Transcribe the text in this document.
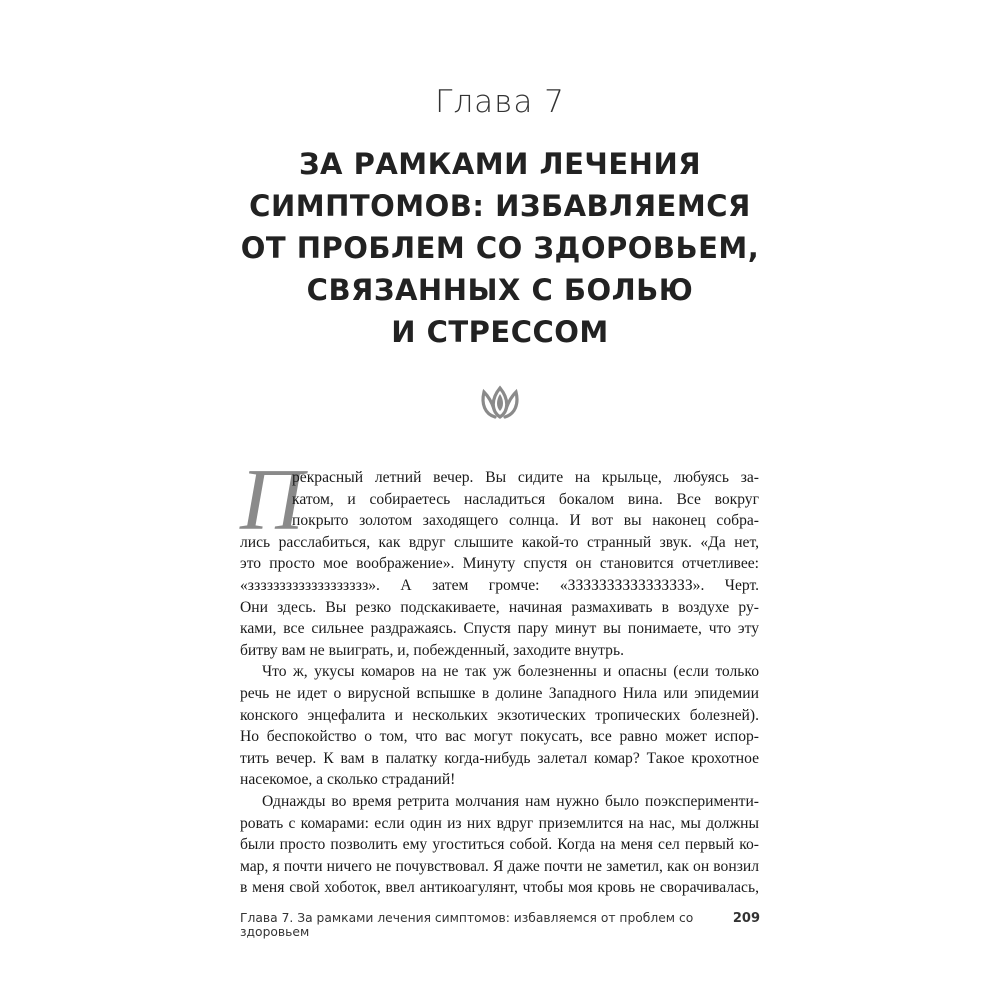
Глава 7
ЗА РАМКАМИ ЛЕЧЕНИЯ
СИМПТОМОВ: ИЗБАВЛЯЕМСЯ
ОТ ПРОБЛЕМ СО ЗДОРОВЬЕМ,
СВЯЗАННЫХ С БОЛЬЮ
И СТРЕССОМ
П
рекрасный летний вечер. Вы сидите на крыльце, любуясь за-
катом, и собираетесь насладиться бокалом вина. Все вокруг
покрыто золотом заходящего солнца. И вот вы наконец собра-
лись расслабиться, как вдруг слышите какой-то странный звук. «Да нет,
это просто мое воображение». Минуту спустя он становится отчетливее:
«ззззззззззззззззззз». А затем громче: «ЗЗЗЗЗЗЗЗЗЗЗЗЗЗЗЗ». Черт.
Они здесь. Вы резко подскакиваете, начиная размахивать в воздухе ру-
ками, все сильнее раздражаясь. Спустя пару минут вы понимаете, что эту
битву вам не выиграть, и, побежденный, заходите внутрь.
Что ж, укусы комаров на не так уж болезненны и опасны (если только
речь не идет о вирусной вспышке в долине Западного Нила или эпидемии
конского энцефалита и нескольких экзотических тропических болезней).
Но беспокойство о том, что вас могут покусать, все равно может испор-
тить вечер. К вам в палатку когда-нибудь залетал комар? Такое крохотное
насекомое, а сколько страданий!
Однажды во время ретрита молчания нам нужно было поэксперименти-
ровать с комарами: если один из них вдруг приземлится на нас, мы должны
были просто позволить ему угоститься собой. Когда на меня сел первый ко-
мар, я почти ничего не почувствовал. Я даже почти не заметил, как он вонзил
в меня свой хоботок, ввел антикоагулянт, чтобы моя кровь не сворачивалась,
Глава 7. За рамками лечения симптомов: избавляемся от проблем со здоровьем
209
